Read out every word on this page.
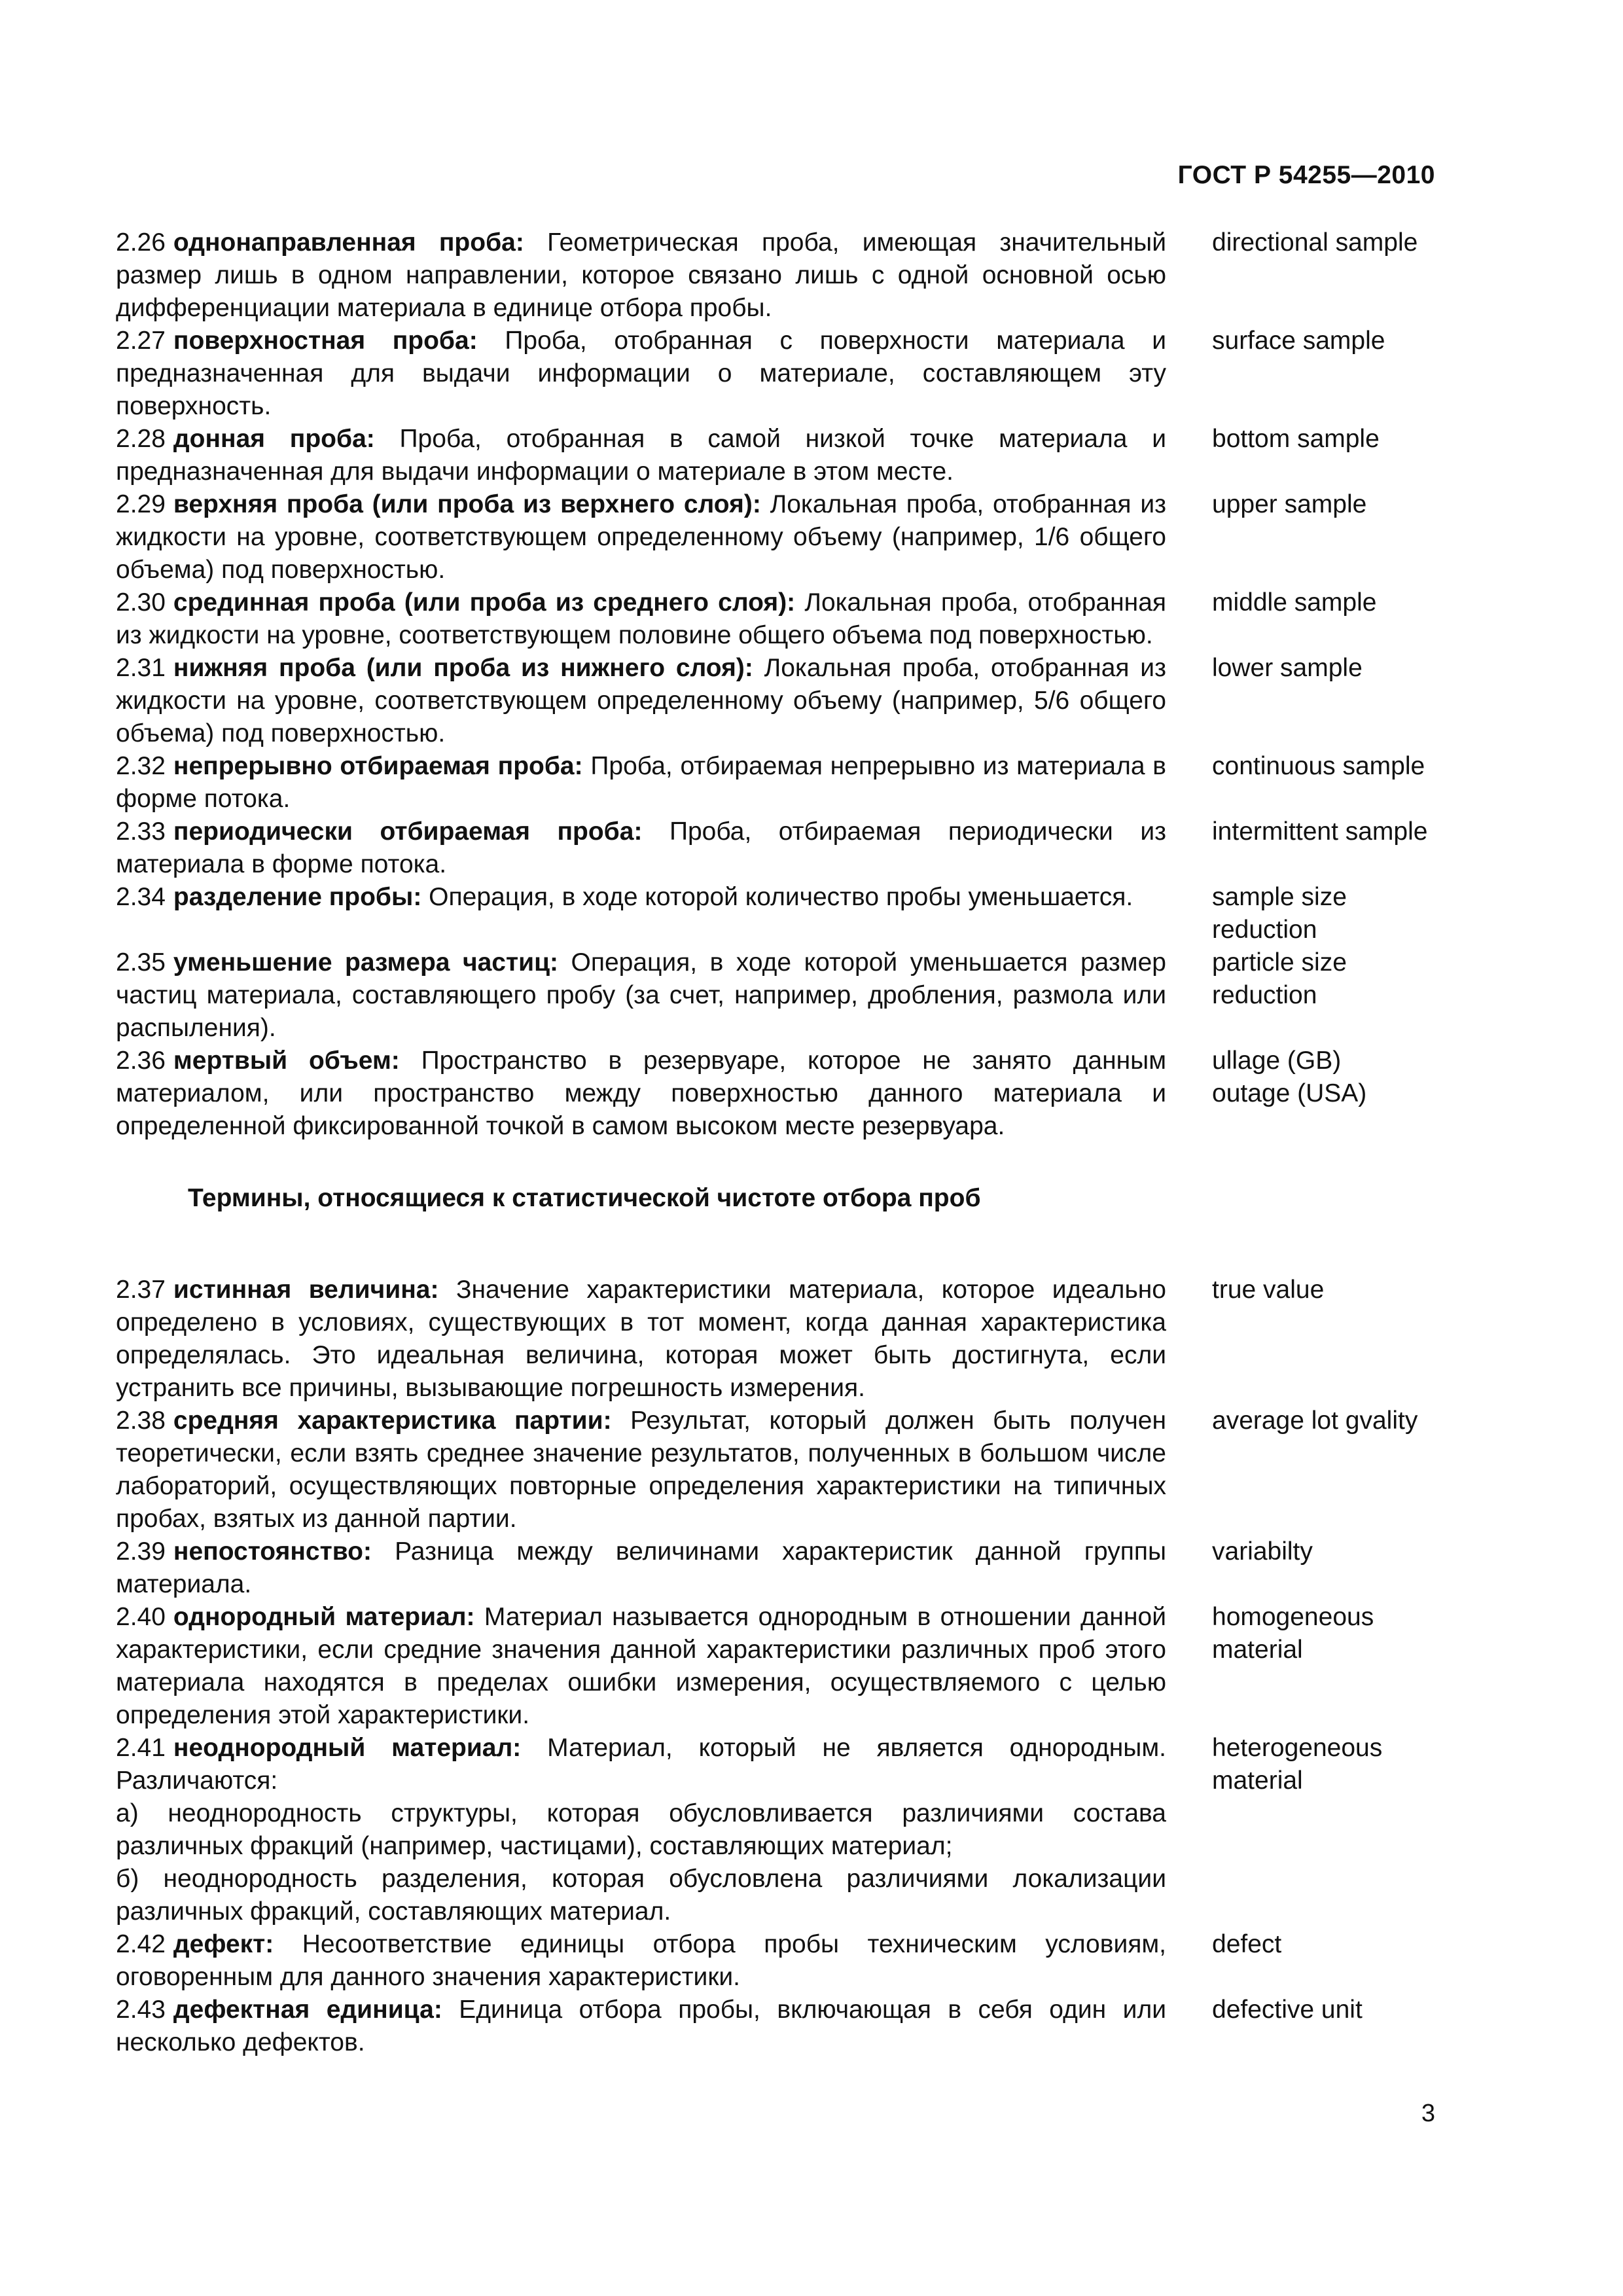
ГОСТ Р 54255—2010

2.26 однонаправленная проба: Геометрическая проба, имеющая значительный размер лишь в одном направлении, которое связано лишь с одной основной осью дифференциации материала в единице отбора пробы.

directional sample

2.27 поверхностная проба: Проба, отобранная с поверхности материала и предназначенная для выдачи информации о материале, составляющем эту поверхность.

surface sample

2.28 донная проба: Проба, отобранная в самой низкой точке материала и предназначенная для выдачи информации о материале в этом месте.

bottom sample

2.29 верхняя проба (или проба из верхнего слоя): Локальная проба, отобранная из жидкости на уровне, соответствующем определенному объему (например, 1/6 общего объема) под поверхностью.

upper sample

2.30 срединная проба (или проба из среднего слоя): Локальная проба, отобранная из жидкости на уровне, соответствующем половине общего объема под поверхностью.

middle sample

2.31 нижняя проба (или проба из нижнего слоя): Локальная проба, отобранная из жидкости на уровне, соответствующем определенному объему (например, 5/6 общего объема) под поверхностью.

lower sample

2.32 непрерывно отбираемая проба: Проба, отбираемая непрерывно из материала в форме потока.

continuous sample

2.33 периодически отбираемая проба: Проба, отбираемая периодически из материала в форме потока.

intermittent sample

2.34 разделение пробы: Операция, в ходе которой количество пробы уменьшается.	sample size
reduction

2.35 уменьшение размера частиц: Операция, в ходе которой уменьшается размер частиц материала, составляющего пробу (за счет, например, дробления, размола или распыления).

particle size
reduction

2.36 мертвый объем: Пространство в резервуаре, которое не занято данным материалом, или пространство между поверхностью данного материала и определенной фиксированной точкой в самом высоком месте резервуара.

ullage (GB)
outage (USA)
Термины, относящиеся к статистической чистоте отбора проб

2.37 истинная величина: Значение характеристики материала, которое идеально определено в условиях, существующих в тот момент, когда данная характеристика определялась. Это идеальная величина, которая может быть достигнута, если устранить все причины, вызывающие погрешность измерения.

true value

2.38 средняя характеристика партии: Результат, который должен быть получен теоретически, если взять среднее значение результатов, полученных в большом числе лабораторий, осуществляющих повторные определения характеристики на типичных пробах, взятых из данной партии.

average lot gvality

2.39 непостоянство: Разница между величинами характеристик данной группы материала.

variabilty

2.40 однородный материал: Материал называется однородным в отношении данной характеристики, если средние значения данной характеристики различных проб этого материала находятся в пределах ошибки измерения, осуществляемого с целью определения этой характеристики.

homogeneous
material

2.41 неоднородный материал: Материал, который не является однородным. Различаются:

а) неоднородность структуры, которая обусловливается различиями состава различных фракций (например, частицами), составляющих материал;

б) неоднородность разделения, которая обусловлена различиями локализации различных фракций, составляющих материал.

heterogeneous
material

2.42 дефект: Несоответствие единицы отбора пробы техническим условиям, оговоренным для данного значения характеристики.

defect

2.43 дефектная единица: Единица отбора пробы, включающая в себя один или несколько дефектов.

defective unit
3
